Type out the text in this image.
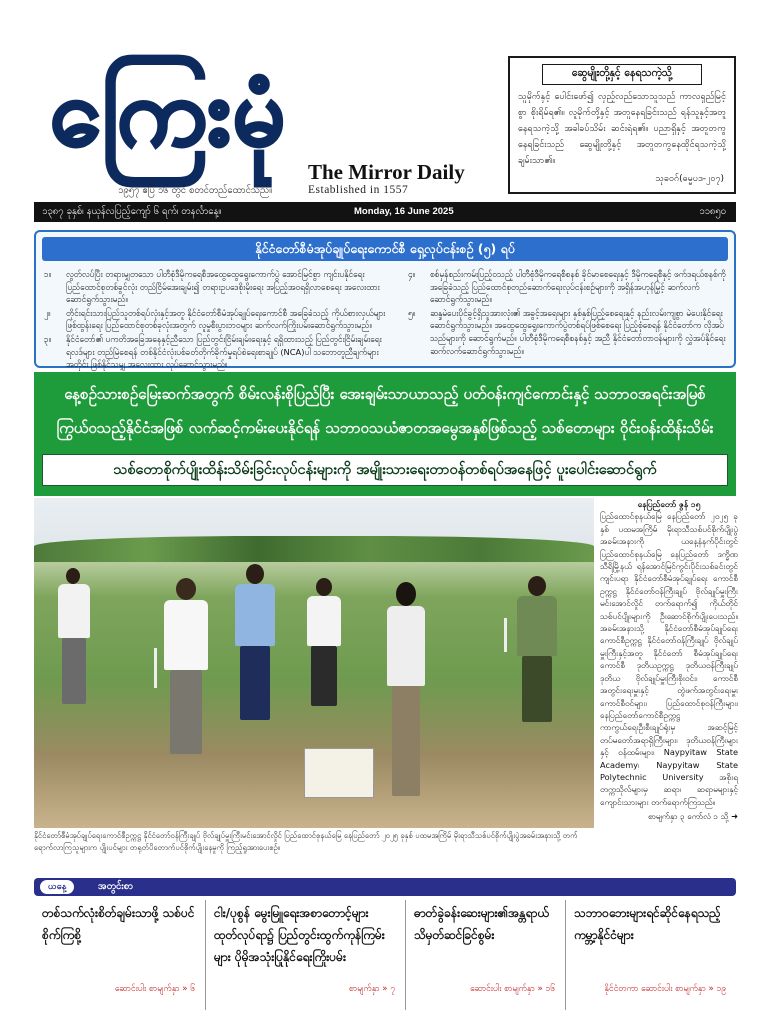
ကြေးမုံ
၁၉၅၇ ဧပြီ ၁၆ တွင် စတင်တည်ထောင်သည်။
The Mirror Daily
Established in 1557
ဆွေမျိုးတို့နှင့် နေရသကဲ့သို့
သူမိုက်နှင့် ပေါင်းဖော်၍ လှည့်လည်သောသူသည် ကာလရှည်မြင့်စွာ စိုးရိမ်ရ၏။ လူမိုက်တို့နှင့် အတူနေရခြင်းသည် ရန်သူနှင့်အတူနေရသကဲ့သို့ အခါခပ်သိမ်း ဆင်းရဲရ၏။ ပညာရှိနှင့် အတူတကွ နေရခြင်းသည် ဆွေမျိုးတို့နှင့် အတူတကွနေထိုင်ရသကဲ့သို့ ချမ်းသာ၏။
သုခဝဂ်(ဓမ္မပဒ-၂၀၇)
၁၃၈၇ ခုနှစ်၊ နယုန်လပြည့်ကျော် ၆ ရက်၊ တနင်္လာနေ့။	Monday, 16 June 2025	၁၁၈၅၀
နိုင်ငံတော်စီမံအုပ်ချုပ်ရေးကောင်စီ ရှေ့လုပ်ငန်းစဉ် (၅) ရပ်
၁။	လွတ်လပ်ပြီး တရားမျှတသော ပါတီစုံဒီမိုကရေစီအထွေထွေရွေးကောက်ပွဲ အောင်မြင်စွာ ကျင်းပနိုင်ရေး ပြည်ထောင်စုတစ်ခွင်လုံး တည်ငြိမ်အေးချမ်း၍ တရားဥပဒေစိုးမိုးရေး အပြည့်အဝရရှိလာစေရေး အလေးထားဆောင်ရွက်သွားမည်။
၂။	တိုင်းရင်းသားပြည်သူတစ်ရပ်လုံးနှင့်အတူ နိုင်ငံတော်စီမံအုပ်ချုပ်ရေးကောင်စီ အခြေခံသည့် ကိုယ်စားလှယ်များ ဖြစ်ထွန်းရေး ပြည်ထောင်စုတစ်ခုလုံးအတွက် လူမှုစီးပွားဘဝများ ဆက်လက်ကြိုးပမ်းဆောင်ရွက်သွားမည်။
၃။	နိုင်ငံတော်၏ ပကတိအခြေအနေနှင့်ညီသော ပြည်တွင်းငြိမ်းချမ်းရေးနှင့် ရရှိထားသည့် ပြည်တွင်းငြိမ်းချမ်းရေးရလဒ်များ တည်မြဲစေရန် တစ်နိုင်ငံလုံးပစ်ခတ်တိုက်ခိုက်မှုရပ်စဲရေးစာချုပ် (NCA)ပါ သဘောတူညီချက်များအတိုင်း ဖြစ်နိုင်သမျှ အလေးထား လုပ်ဆောင်သွားမည်။
၄။	စစ်မှန်စည်းကမ်းပြည့်ဝသည့် ပါတီစုံဒီမိုကရေစီစနစ် ခိုင်မာစေရေးနှင့် ဒီမိုကရေစီနှင့် ဖက်ဒရယ်စနစ်ကို အခြေခံသည့် ပြည်ထောင်စုတည်ဆောက်ရေးလုပ်ငန်းစဉ်များကို အရှိန်အဟုန်မြှင့် ဆက်လက်ဆောင်ရွက်သွားမည်။
၅။	ဆန္ဒမဲပေးပိုင်ခွင့်ရှိသူအားလုံး၏ အခွင့်အရေးများ နှစ်နှစ်ပြည့်စေရေးနှင့် နည်းလမ်းကျစွာ မဲပေးနိုင်ရေး ဆောင်ရွက်သွားမည်။ အထွေထွေရွေးကောက်ပွဲတစ်ရပ်ဖြစ်စေရေး ပြည့်စုံစေရန် နိုင်ငံတော်က လိုအပ်သည်များကို ဆောင်ရွက်မည်။ ပါတီစုံဒီမိုကရေစီစနစ်နှင့် အညီ နိုင်ငံတော်တာဝန်များကို လွှဲအပ်နိုင်ရေး ဆက်လက်ဆောင်ရွက်သွားမည်။
နေ့စဉ်သားစဉ်မြေးဆက်အတွက် စိမ်းလန်းစိုပြည်ပြီး အေးချမ်းသာယာသည့် ပတ်ဝန်းကျင်ကောင်းနှင့် သဘာဝအရင်းအမြစ်
ကြွယ်ဝသည့်နိုင်ငံအဖြစ် လက်ဆင့်ကမ်းပေးနိုင်ရန် သဘာဝသယံဇာတအမွေအနှစ်ဖြစ်သည့် သစ်တောများ ဝိုင်းဝန်းထိန်းသိမ်း
သစ်တောစိုက်ပျိုးထိန်းသိမ်းခြင်းလုပ်ငန်းများကို အမျိုးသားရေးတာဝန်တစ်ရပ်အနေဖြင့် ပူးပေါင်းဆောင်ရွက်
နိုင်ငံတော်စီမံအုပ်ချုပ်ရေးကောင်စီဥက္ကဋ္ဌ နိုင်ငံတော်ဝန်ကြီးချုပ် ဗိုလ်ချုပ်မှူးကြီးမင်းအောင်လှိုင် ပြည်ထောင်စုနယ်မြေ နေပြည်တော် ၂၀၂၅ ခုနှစ် ပထမအကြိမ် မိုးရာသီသစ်ပင်စိုက်ပျိုးပွဲအခမ်းအနားသို့ တက်ရောက်လာကြသူများက ပျိုးပင်များ တရုတ်ပိတောက်ပင်စိုက်ပျိုးနေမှုကို ကြည့်ရှုအားပေးစဉ်။
နေပြည်တော် ဇွန် ၁၅
ပြည်ထောင်စုနယ်မြေ နေပြည်တော် ၂၀၂၅ ခုနှစ် ပထမအကြိမ် မိုးရာသီသစ်ပင်စိုက်ပျိုးပွဲအခမ်းအနားကို ယနေ့နံနက်ပိုင်းတွင် ပြည်ထောင်စုနယ်မြေ နေပြည်တော် ဒက္ခိဏသီရိမြို့နယ် ရန်အောင်မြင်ကွင်းပိုင်းသစ်ခင်းတွင် ကျင်းပရာ နိုင်ငံတော်စီမံအုပ်ချုပ်ရေး ကောင်စီဥက္ကဋ္ဌ နိုင်ငံတော်ဝန်ကြီးချုပ် ဗိုလ်ချုပ်မှူးကြီး မင်းအောင်လှိုင် တက်ရောက်၍ ကိုယ်တိုင်သစ်ပင်ပျိုးများကို ဦးဆောင်စိုက်ပျိုးပေးသည်။ အခမ်းအနားသို့ နိုင်ငံတော်စီမံအုပ်ချုပ်ရေးကောင်စီဥက္ကဋ္ဌ နိုင်ငံတော်ဝန်ကြီးချုပ် ဗိုလ်ချုပ်မှူးကြီးနှင့်အတူ နိုင်ငံတော် စီမံအုပ်ချုပ်ရေးကောင်စီ ဒုတိယဥက္ကဋ္ဌ ဒုတိယဝန်ကြီးချုပ် ဒုတိယ ဗိုလ်ချုပ်မှူးကြီးစိုးဝင်း၊ ကောင်စီအတွင်းရေးမှူးနှင့် တွဲဖက်အတွင်းရေးမှူး ကောင်စီဝင်များ၊ ပြည်ထောင်စုဝန်ကြီးများ၊ နေပြည်တော်ကောင်စီဥက္ကဋ္ဌ ကာကွယ်ရေးဦးစီးချုပ်ရုံးမှ အဆင့်မြင့်တပ်မတော်အရာရှိကြီးများ၊ ဒုတိယဝန်ကြီးများနှင့် ဝန်ထမ်းများ၊ Naypyitaw State Academy၊ Naypyitaw State Polytechnic University အစိုးရတက္ကသိုလ်များမှ ဆရာ၊ ဆရာမများနှင့် ကျောင်းသားများ တက်ရောက်ကြသည်။
စာမျက်နှာ ၃ ကော်လံ ၁ သို့ ➜
ယနေ့	အတွင်းစာ
တစ်သက်လုံးစိတ်ချမ်းသာဖို့ သစ်ပင်စိုက်ကြစို့
ဆောင်းပါး စာမျက်နှာ » ၆
ငါး/ပုစွန် မွေးမြူရေးအစာတောင့်များ ထုတ်လုပ်ရာ၌ ပြည်တွင်းထွက်ကုန်ကြမ်းများ ပိုမိုအသုံးပြုနိုင်ရေးကြိုးပမ်း
စာမျက်နှာ » ၇
ဓာတ်ခွဲခန်းဆေးများ၏အန္တရာယ် သိမှတ်ဆင်ခြင်စွမ်း
ဆောင်းပါး စာမျက်နှာ » ၁၆
သဘာဝဘေးများရင်ဆိုင်နေရသည့် ကမ္ဘာ့နိုင်ငံများ
နိုင်ငံတကာ ဆောင်းပါး စာမျက်နှာ » ၁၉
